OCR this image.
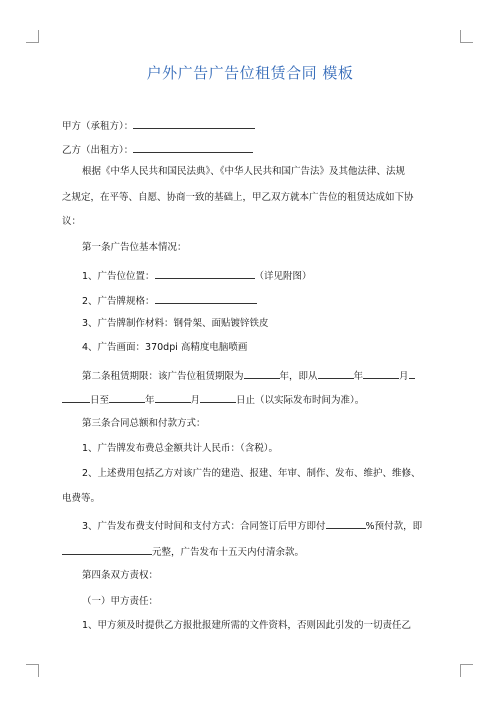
户外广告广告位租赁合同 模板
甲方（承租方）：
乙方（出租方）：
根据《中华人民共和国民法典》、《中华人民共和国广告法》及其他法律、法规
之规定，在平等、自愿、协商一致的基础上，甲乙双方就本广告位的租赁达成如下协
议：
第一条广告位基本情况：
1、广告位位置：	（详见附图）
2、广告牌规格：
3、广告牌制作材料：钢骨架、面贴镀锌铁皮
4、广告画面：370dpi 高精度电脑喷画
第二条租赁期限：该广告位租赁期限为	年，即从	年	月
日至	年	月	日止（以实际发布时间为准）。
第三条合同总额和付款方式：
1、广告牌发布费总金额共计人民币：（含税）。
2、上述费用包括乙方对该广告的建造、报建、年审、制作、发布、维护、维修、
电费等。
3、广告发布费支付时间和支付方式：合同签订后甲方即付	%预付款，即
元整，广告发布十五天内付清余款。
第四条双方责权：
（一）甲方责任：
1、甲方须及时提供乙方报批报建所需的文件资料，否则因此引发的一切责任乙
